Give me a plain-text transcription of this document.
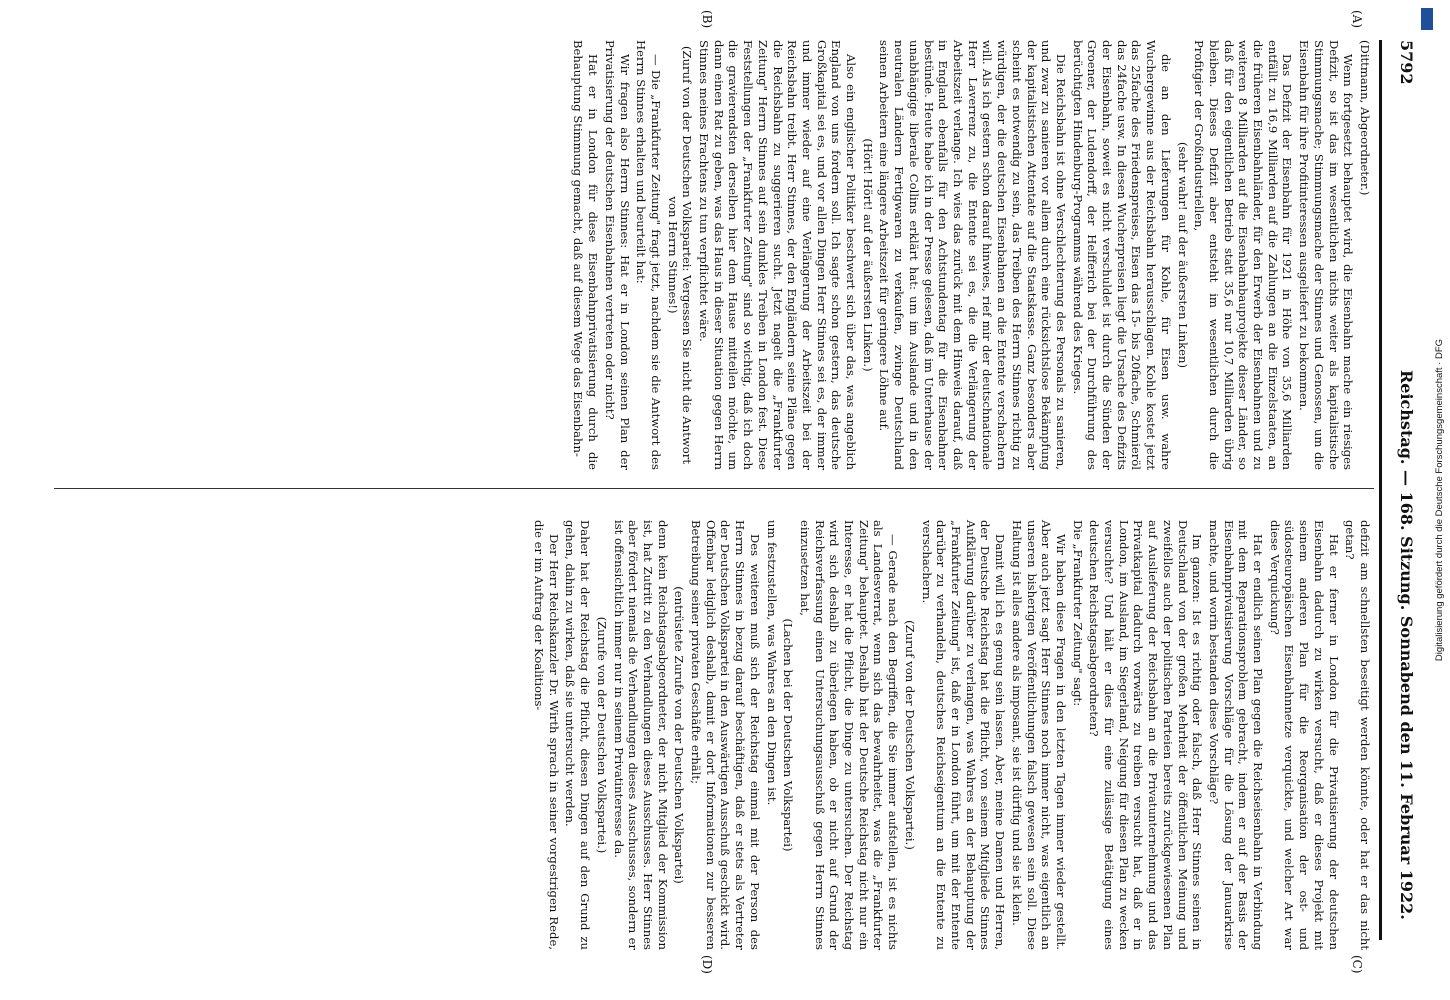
5792
Reichstag. — 168. Sitzung. Sonnabend den 11. Februar 1922.
(A)
(B)
(C)
(D)

(Dittmann, Abgeordneter.)

Wenn fortgesetzt behauptet wird, die Eisenbahn mache ein riesiges Defizit, so ist das im wesentlichen nichts weiter als kapitalistische Stimmungsmache; Stimmungsmache der Stinnes und Genossen, um die Eisenbahn für ihre Profitinteressen ausgeliefert zu bekommen.

Das Defizit der Eisenbahn für 1921 in Höhe von 35,6 Milliarden entfällt zu 16,9 Milliarden auf die Zahlungen an die Einzelstaaten, an die früheren Eisenbahnländer, für den Erwerb der Eisenbahnen und zu weiteren 8 Milliarden auf die Eisenbahnbauprojekte dieser Länder, so daß für den eigentlichen Betrieb statt 35,6 nur 10,7 Milliarden übrig bleiben. Dieses Defizit aber entsteht im wesentlichen durch die Profitgier der Großindustriellen,

(sehr wahr! auf der äußersten Linken)

die an den Lieferungen für Kohle, für Eisen usw. wahre Wuchergewinne aus der Reichsbahn herausschlagen. Kohle kostet jetzt das 25fache des Friedenspreises, Eisen das 15- bis 20fache, Schmieröl das 24fache usw. In diesen Wucherpreisen liegt die Ursache des Defizits der Eisenbahn, soweit es nicht verschuldet ist durch die Sünden der Groener, der Ludendorff, der Helfferich bei der Durchführung des berüchtigten Hindenburg-Programms während des Krieges.

Die Reichsbahn ist ohne Verschlechterung des Personals zu sanieren, und zwar zu sanieren vor allem durch eine rücksichtslose Bekämpfung der kapitalistischen Attentate auf die Staatskasse. Ganz besonders aber scheint es notwendig zu sein, das Treiben des Herrn Stinnes richtig zu würdigen, der die deutschen Eisenbahnen an die Entente verschachern will. Als ich gestern schon darauf hinwies, rief mir der deutschnationale Herr Laverrenz zu, die Entente sei es, die die Verlängerung der Arbeitszeit verlange. Ich wies das zurück mit dem Hinweis darauf, daß in England ebenfalls für den Achtstundentag für die Eisenbahner bestünde. Heute habe ich in der Presse gelesen, daß im Unterhause der unabhängige liberale Collins erklärt hat: um im Auslande und in den neutralen Ländern Fertigwaren zu verkaufen, zwinge Deutschland seinen Arbeitern eine längere Arbeitszeit für geringere Löhne auf.

(Hört! Hört! auf der äußersten Linken.)

Also ein englischer Politiker beschwert sich über das, was angeblich England von uns fordern soll. Ich sagte schon gestern, das deutsche Großkapital sei es, und vor allen Dingen Herr Stinnes sei es, der immer und immer wieder auf eine Verlängerung der Arbeitszeit bei der Reichsbahn treibt. Herr Stinnes, der den Engländern seine Pläne gegen die Reichsbahn zu suggerieren sucht. Jetzt nagelt die „Frankfurter Zeitung" Herrn Stinnes auf sein dunkles Treiben in London fest. Diese Feststellungen der „Frankfurter Zeitung" sind so wichtig, daß ich doch die gravierendsten derselben hier dem Hause mitteilen möchte, um dann einen Rat zu geben, was das Haus in dieser Situation gegen Herrn Stinnes meines Erachtens zu tun verpflichtet wäre.

(Zuruf von der Deutschen Volkspartei: Vergessen Sie nicht die Antwort von Herrn Stinnes!)

— Die „Frankfurter Zeitung" fragt jetzt, nachdem sie die Antwort des Herrn Stinnes erhalten und beurteilt hat:

Wir fragen also Herrn Stinnes: Hat er in London seinen Plan der Privatisierung der deutschen Eisenbahnen vertreten oder nicht?

Hat er in London für diese Eisenbahnprivatisierung durch die Behauptung Stimmung gemacht, daß auf diesem Wege das Eisenbahn-

defizit am schnellsten beseitigt werden könnte, oder hat er das nicht getan?

Hat er ferner in London für die Privatisierung der deutschen Eisenbahn dadurch zu wirken versucht, daß er dieses Projekt mit seinem anderen Plan für die Reorganisation der ost- und südosteuropäischen Eisenbahnnetze verquickte, und welcher Art war diese Verquickung?

Hat er endlich seinen Plan gegen die Reichseisenbahn in Verbindung mit dem Reparationsproblem gebracht, indem er auf der Basis der Eisenbahnprivatisierung Vorschläge für die Lösung der Januarkrise machte, und worin bestanden diese Vorschläge?

Im ganzen: Ist es richtig oder falsch, daß Herr Stinnes seinen in Deutschland von der großen Mehrheit der öffentlichen Meinung und zweifellos auch der politischen Parteien bereits zurückgewiesenen Plan auf Auslieferung der Reichsbahn an die Privatunternehmung und das Privatkapital dadurch vorwärts zu treiben versucht hat, daß er in London, im Ausland, im Siegerland, Neigung für diesen Plan zu wecken versuchte? Und hält er dies für eine zulässige Betätigung eines deutschen Reichstagsabgeordneten?

Die „Frankfurter Zeitung" sagt:

Wir haben diese Fragen in den letzten Tagen immer wieder gestellt. Aber auch jetzt sagt Herr Stinnes noch immer nicht, was eigentlich an unseren bisherigen Veröffentlichungen falsch gewesen sein soll. Diese Haltung ist alles andere als imposant, sie ist dürftig und sie ist klein.

Damit will ich es genug sein lassen. Aber, meine Damen und Herren, der Deutsche Reichstag hat die Pflicht, von seinem Mitgliede Stinnes Aufklärung darüber zu verlangen, was Wahres an der Behauptung der „Frankfurter Zeitung" ist, daß er in London führt, um mit der Entente darüber zu verhandeln, deutsches Reichseigentum an die Entente zu verschachern.

(Zuruf von der Deutschen Volkspartei.)

— Gerade nach den Begriffen, die Sie immer aufstellen, ist es nichts als Landesverrat, wenn sich das bewahrheitet, was die „Frankfurter Zeitung" behauptet. Deshalb hat der Deutsche Reichstag nicht nur ein Interesse, er hat die Pflicht, die Dinge zu untersuchen. Der Reichstag wird sich deshalb zu überlegen haben, ob er nicht auf Grund der Reichsverfassung einen Untersuchungsausschuß gegen Herrn Stinnes einzusetzen hat,

(Lachen bei der Deutschen Volkspartei)

um festzustellen, was Wahres an den Dingen ist.

Des weiteren muß sich der Reichstag einmal mit der Person des Herrn Stinnes in bezug darauf beschäftigen, daß er stets als Vertreter der Deutschen Volkspartei in den Auswärtigen Ausschuß geschickt wird. Offenbar lediglich deshalb, damit er dort Informationen zur besseren Betreibung seiner privaten Geschäfte erhält;

(entrüstete Zurufe von der Deutschen Volkspartei)

denn kein Reichstagsabgeordneter, der nicht Mitglied der Kommission ist, hat Zutritt zu den Verhandlungen dieses Ausschusses. Herr Stinnes aber fördert niemals die Verhandlungen dieses Ausschusses, sondern er ist offensichtlich immer nur in seinem Privatinteresse da.

(Zurufe von der Deutschen Volkspartei.)

Daher hat der Reichstag die Pflicht, diesen Dingen auf den Grund zu gehen, dahin zu wirken, daß sie untersucht werden.

Der Herr Reichskanzler Dr. Wirth sprach in seiner vorgestrigen Rede, die er im Auftrag der Koalitions-	Digitalisierung gefördert durch die Deutsche Forschungsgemeinschaft · DFG
